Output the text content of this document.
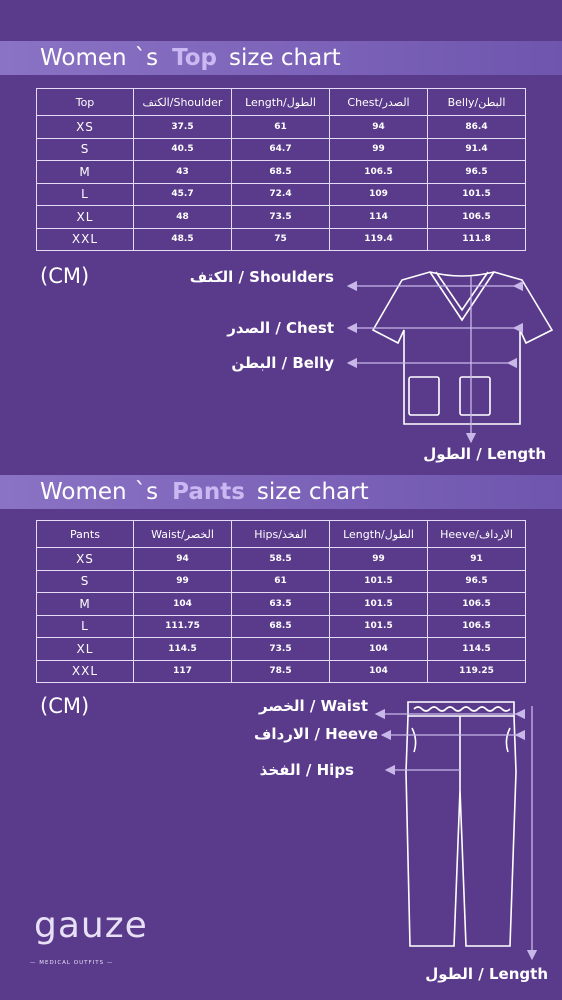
Women `s Top size chart
Top	الكتف/Shoulder	Length/الطول	Chest/الصدر	Belly/البطن
XS	37.5	61	94	86.4
S	40.5	64.7	99	91.4
M	43	68.5	106.5	96.5
L	45.7	72.4	109	101.5
XL	48	73.5	114	106.5
XXL	48.5	75	119.4	111.8
(CM)	الكتف / Shoulders
الصدر / Chest
البطن / Belly
الطول / Length
Women `s Pants size chart
Pants	Waist/الخصر	Hips/الفخذ	Length/الطول	Heeve/الارداف
XS	94	58.5	99	91
S	99	61	101.5	96.5
M	104	63.5	101.5	106.5
L	111.75	68.5	101.5	106.5
XL	114.5	73.5	104	114.5
XXL	117	78.5	104	119.25
(CM)	الخصر / Waist
الارداف / Heeve
الفخذ / Hips
الطول / Length
gauze
— MEDICAL OUTFITS —
